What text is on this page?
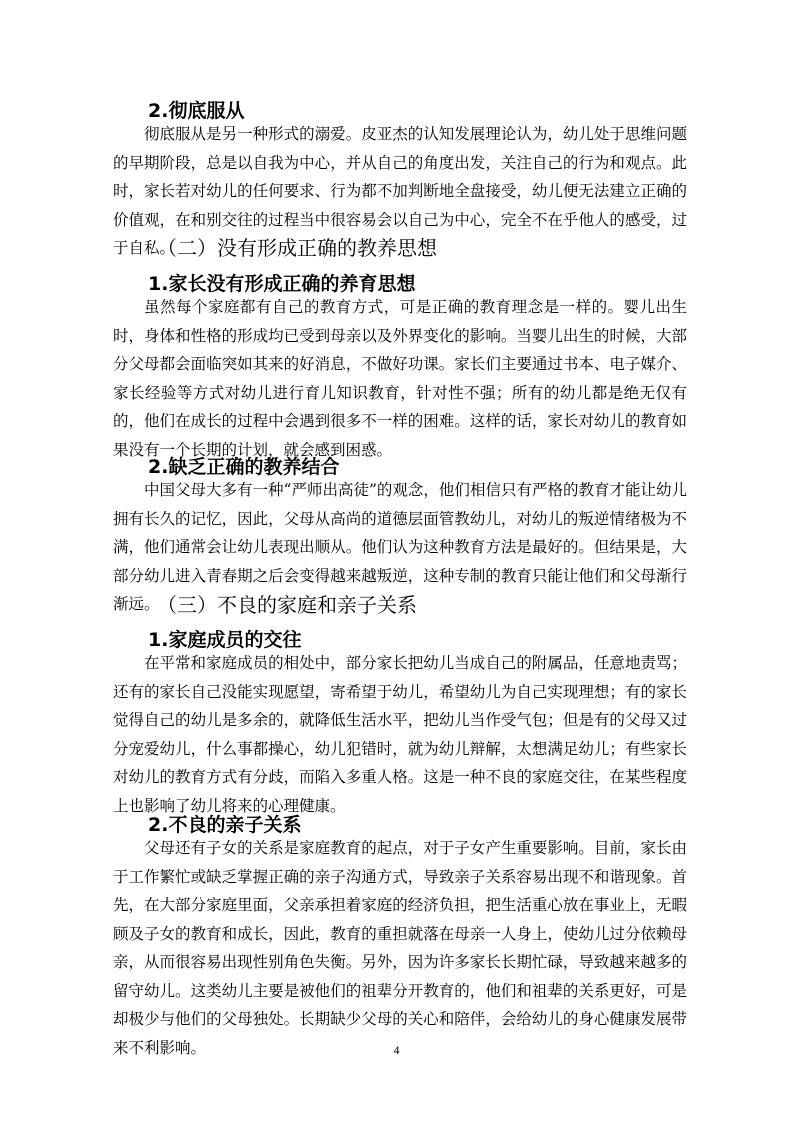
2.彻底服从

彻底服从是另一种形式的溺爱。皮亚杰的认知发展理论认为，幼儿处于思维问题的早期阶段，总是以自我为中心，并从自己的角度出发，关注自己的行为和观点。此时，家长若对幼儿的任何要求、行为都不加判断地全盘接受，幼儿便无法建立正确的价值观，在和别交往的过程当中很容易会以自己为中心，完全不在乎他人的感受，过于自私。

（二）没有形成正确的教养思想
1.家长没有形成正确的养育思想

虽然每个家庭都有自己的教育方式，可是正确的教育理念是一样的。婴儿出生时，身体和性格的形成均已受到母亲以及外界变化的影响。当婴儿出生的时候，大部分父母都会面临突如其来的好消息，不做好功课。家长们主要通过书本、电子媒介、家长经验等方式对幼儿进行育儿知识教育，针对性不强；所有的幼儿都是绝无仅有的，他们在成长的过程中会遇到很多不一样的困难。这样的话，家长对幼儿的教育如果没有一个长期的计划，就会感到困惑。

2.缺乏正确的教养结合

中国父母大多有一种“严师出高徒”的观念，他们相信只有严格的教育才能让幼儿拥有长久的记忆，因此，父母从高尚的道德层面管教幼儿，对幼儿的叛逆情绪极为不满，他们通常会让幼儿表现出顺从。他们认为这种教育方法是最好的。但结果是，大部分幼儿进入青春期之后会变得越来越叛逆，这种专制的教育只能让他们和父母渐行渐远。

（三）不良的家庭和亲子关系
1.家庭成员的交往

在平常和家庭成员的相处中，部分家长把幼儿当成自己的附属品，任意地责骂；还有的家长自己没能实现愿望，寄希望于幼儿，希望幼儿为自己实现理想；有的家长觉得自己的幼儿是多余的，就降低生活水平，把幼儿当作受气包；但是有的父母又过分宠爱幼儿，什么事都操心，幼儿犯错时，就为幼儿辩解，太想满足幼儿；有些家长对幼儿的教育方式有分歧，而陷入多重人格。这是一种不良的家庭交往，在某些程度上也影响了幼儿将来的心理健康。

2.不良的亲子关系

父母还有子女的关系是家庭教育的起点，对于子女产生重要影响。目前，家长由于工作繁忙或缺乏掌握正确的亲子沟通方式，导致亲子关系容易出现不和谐现象。首先，在大部分家庭里面，父亲承担着家庭的经济负担，把生活重心放在事业上，无暇顾及子女的教育和成长，因此，教育的重担就落在母亲一人身上，使幼儿过分依赖母亲，从而很容易出现性别角色失衡。另外，因为许多家长长期忙碌，导致越来越多的留守幼儿。这类幼儿主要是被他们的祖辈分开教育的，他们和祖辈的关系更好，可是却极少与他们的父母独处。长期缺少父母的关心和陪伴，会给幼儿的身心健康发展带来不利影响。	4
